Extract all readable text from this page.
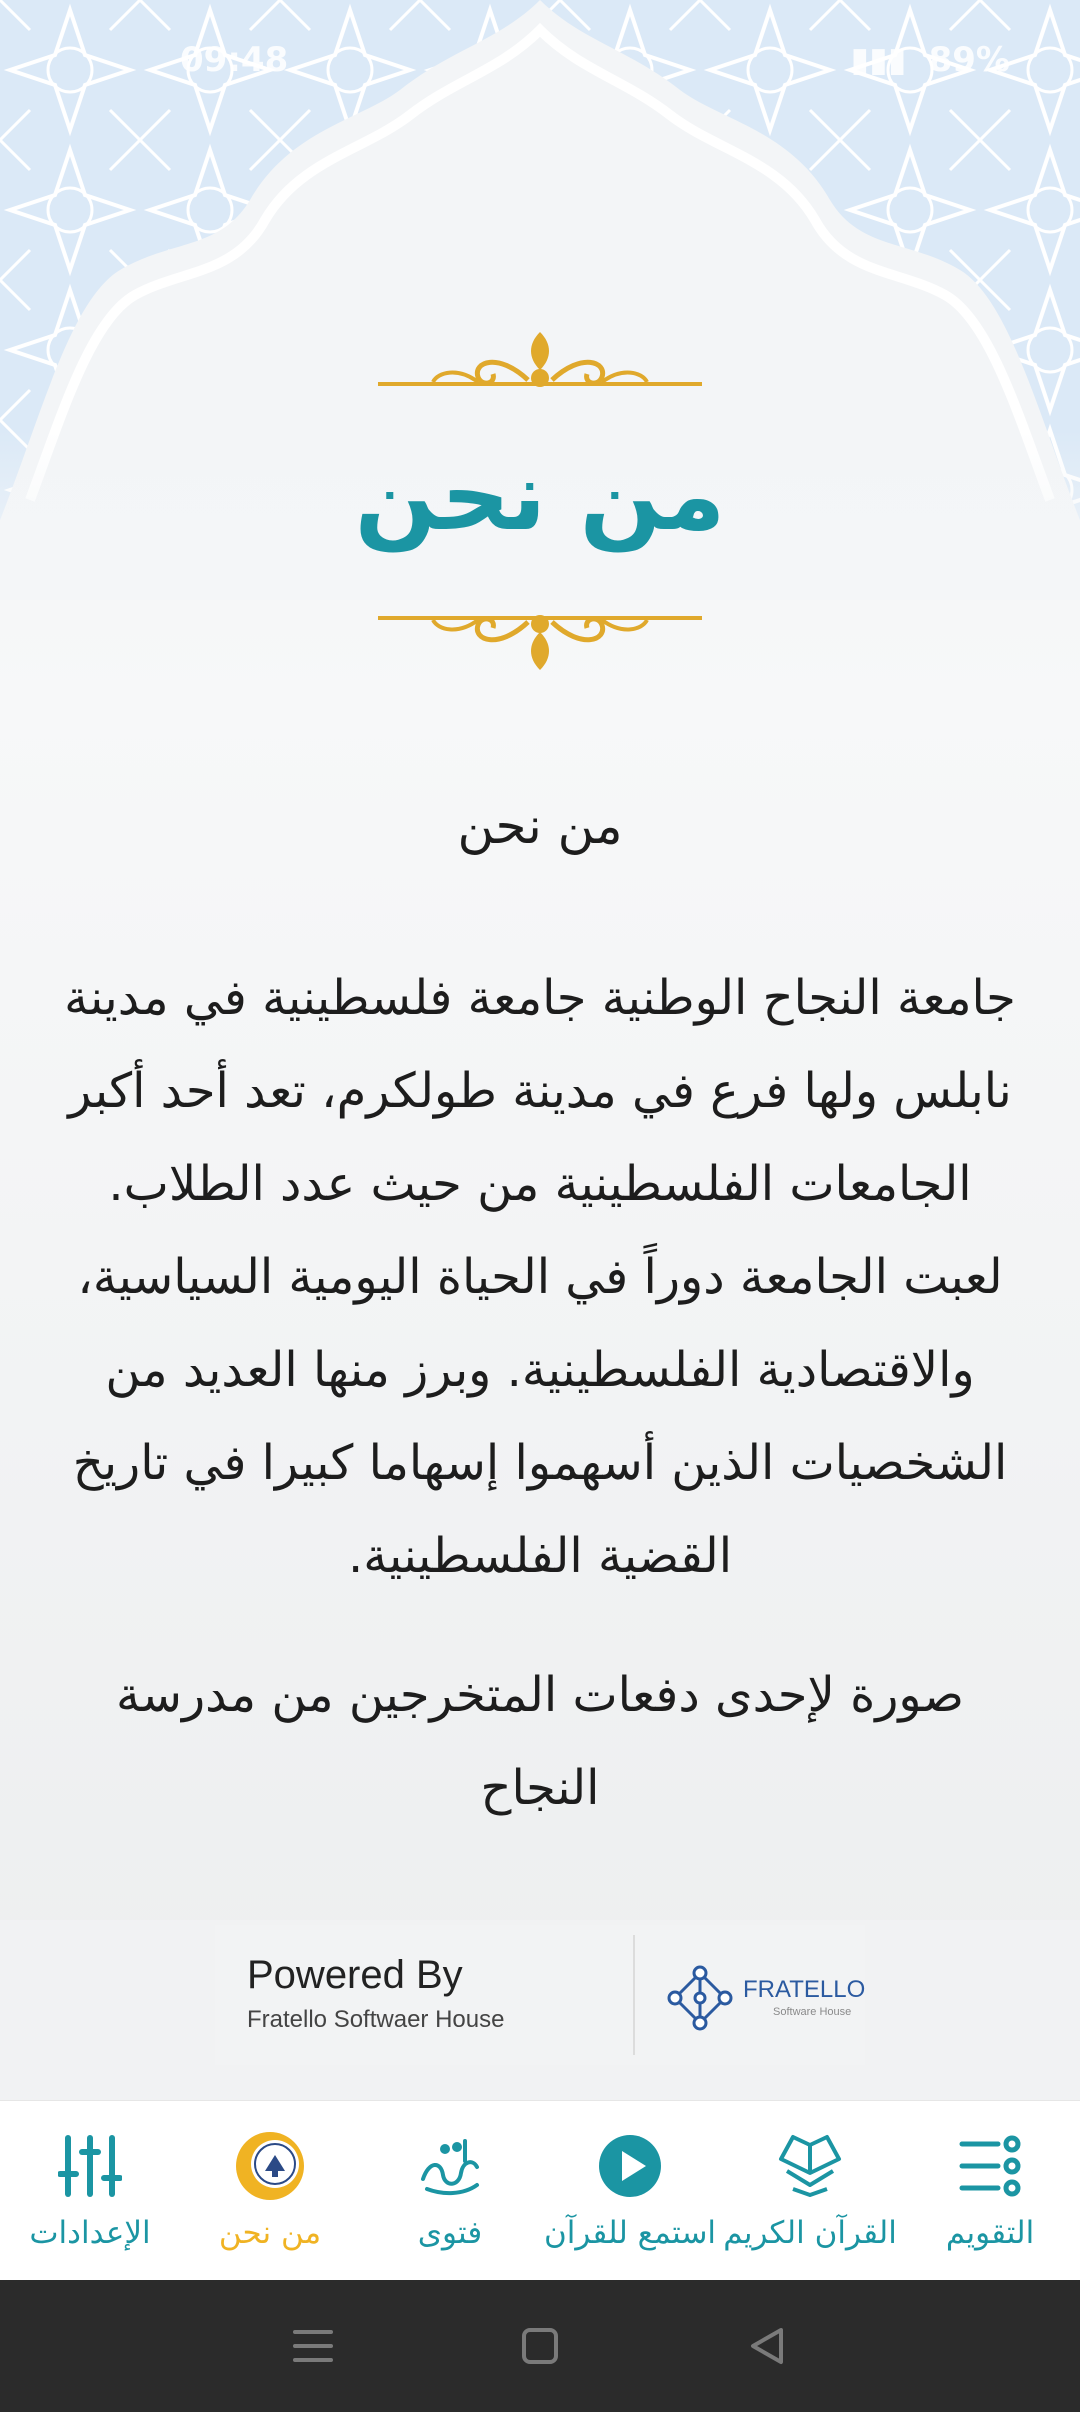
09:48	▮▮▮ 89%
من نحن
من نحن

جامعة النجاح الوطنية جامعة فلسطينية في مدينة نابلس ولها فرع في مدينة طولكرم، تعد أحد أكبر الجامعات الفلسطينية من حيث عدد الطلاب. لعبت الجامعة دوراً في الحياة اليومية السياسية، والاقتصادية الفلسطينية. وبرز منها العديد من الشخصيات الذين أسهموا إسهاما كبيرا في تاريخ القضية الفلسطينية.

صورة لإحدى دفعات المتخرجين من مدرسة النجاح

Powered By
Fratello Softwaer House
FRATELLO
Software House
التقويم
القرآن الكريم
استمع للقرآن
فتوى
من نحن
الإعدادات
